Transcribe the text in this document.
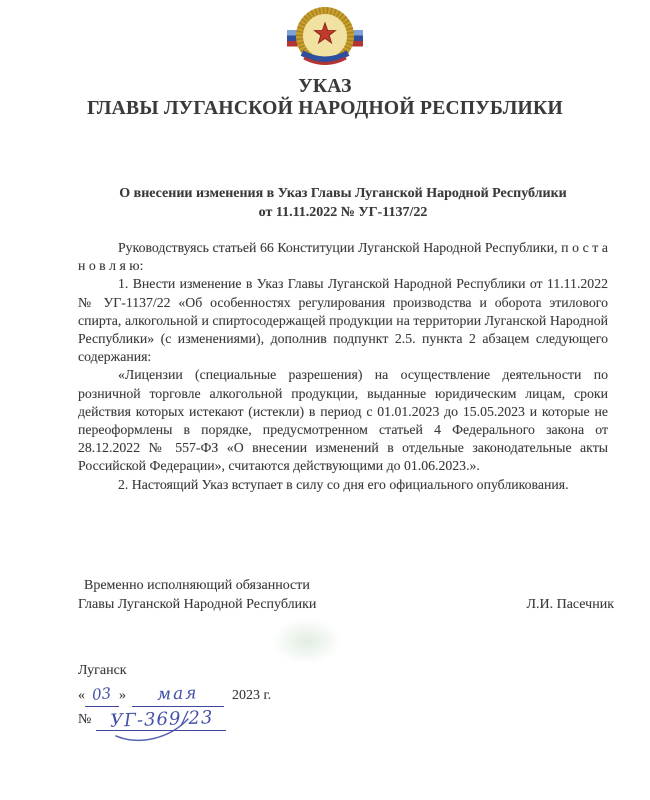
УКАЗ
ГЛАВЫ ЛУГАНСКОЙ НАРОДНОЙ РЕСПУБЛИКИ
О внесении изменения в Указ Главы Луганской Народной Республики
от 11.11.2022 № УГ-1137/22

Руководствуясь статьей 66 Конституции Луганской Народной Республики, п о с т а н о в л я ю:

1. Внести изменение в Указ Главы Луганской Народной Республики от 11.11.2022 № УГ-1137/22 «Об особенностях регулирования производства и оборота этилового спирта, алкогольной и спиртосодержащей продукции на территории Луганской Народной Республики» (с изменениями), дополнив подпункт 2.5. пункта 2 абзацем следующего содержания:

«Лицензии (специальные разрешения) на осуществление деятельности по розничной торговле алкогольной продукции, выданные юридическим лицам, сроки действия которых истекают (истекли) в период с 01.01.2023 до 15.05.2023 и которые не переоформлены в порядке, предусмотренном статьей 4 Федерального закона от 28.12.2022 № 557-ФЗ «О внесении изменений в отдельные законодательные акты Российской Федерации», считаются действующими до 01.06.2023.».

2. Настоящий Указ вступает в силу со дня его официального опубликования.

Временно исполняющий обязанности
Главы Луганской Народной Республики	Л.И. Пасечник
Луганск
« 03 » мая 2023 г.
№ УГ-369/23
